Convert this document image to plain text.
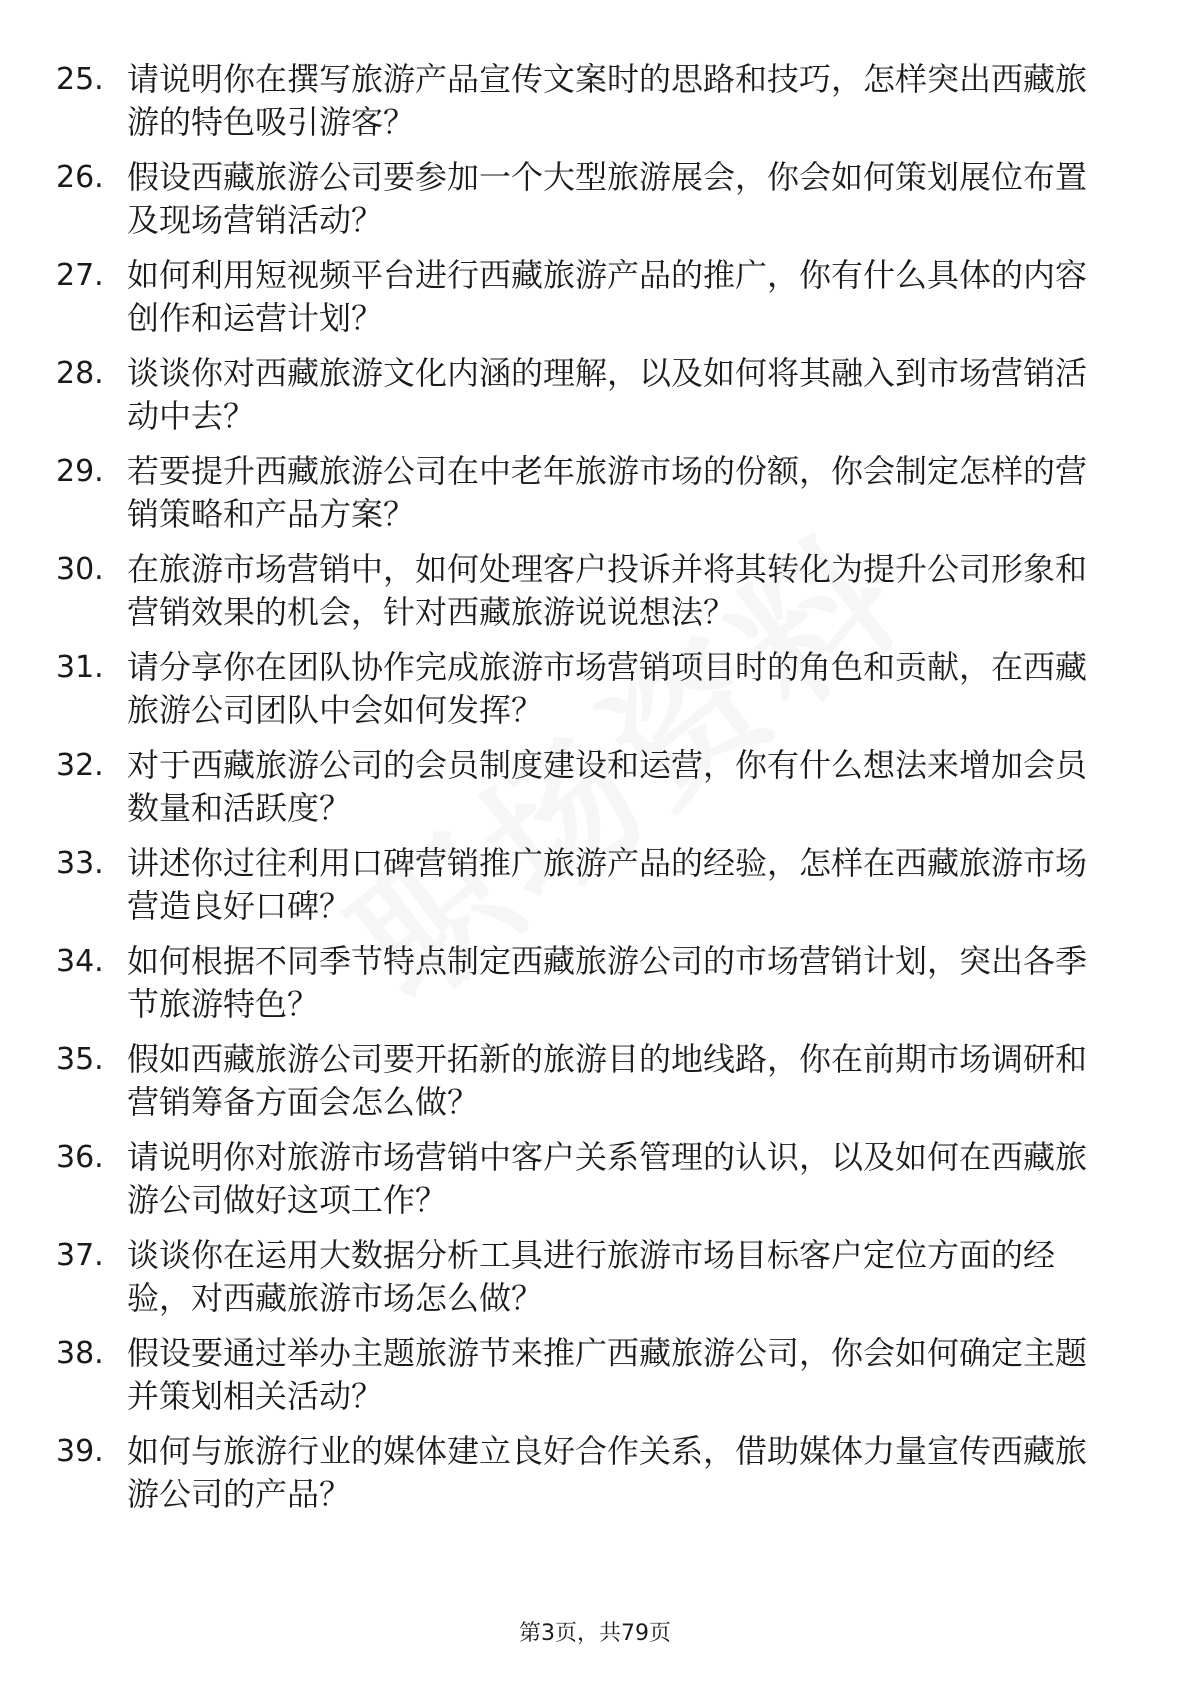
25. 请说明你在撰写旅游产品宣传文案时的思路和技巧，怎样突出西藏旅游的特色吸引游客？
26. 假设西藏旅游公司要参加一个大型旅游展会，你会如何策划展位布置及现场营销活动？
27. 如何利用短视频平台进行西藏旅游产品的推广，你有什么具体的内容创作和运营计划？
28. 谈谈你对西藏旅游文化内涵的理解，以及如何将其融入到市场营销活动中去？
29. 若要提升西藏旅游公司在中老年旅游市场的份额，你会制定怎样的营销策略和产品方案？
30. 在旅游市场营销中，如何处理客户投诉并将其转化为提升公司形象和营销效果的机会，针对西藏旅游说说想法？
31. 请分享你在团队协作完成旅游市场营销项目时的角色和贡献，在西藏旅游公司团队中会如何发挥？
32. 对于西藏旅游公司的会员制度建设和运营，你有什么想法来增加会员数量和活跃度？
33. 讲述你过往利用口碑营销推广旅游产品的经验，怎样在西藏旅游市场营造良好口碑？
34. 如何根据不同季节特点制定西藏旅游公司的市场营销计划，突出各季节旅游特色？
35. 假如西藏旅游公司要开拓新的旅游目的地线路，你在前期市场调研和营销筹备方面会怎么做？
36. 请说明你对旅游市场营销中客户关系管理的认识，以及如何在西藏旅游公司做好这项工作？
37. 谈谈你在运用大数据分析工具进行旅游市场目标客户定位方面的经验，对西藏旅游市场怎么做？
38. 假设要通过举办主题旅游节来推广西藏旅游公司，你会如何确定主题并策划相关活动？
39. 如何与旅游行业的媒体建立良好合作关系，借助媒体力量宣传西藏旅游公司的产品？
第3页，共79页
